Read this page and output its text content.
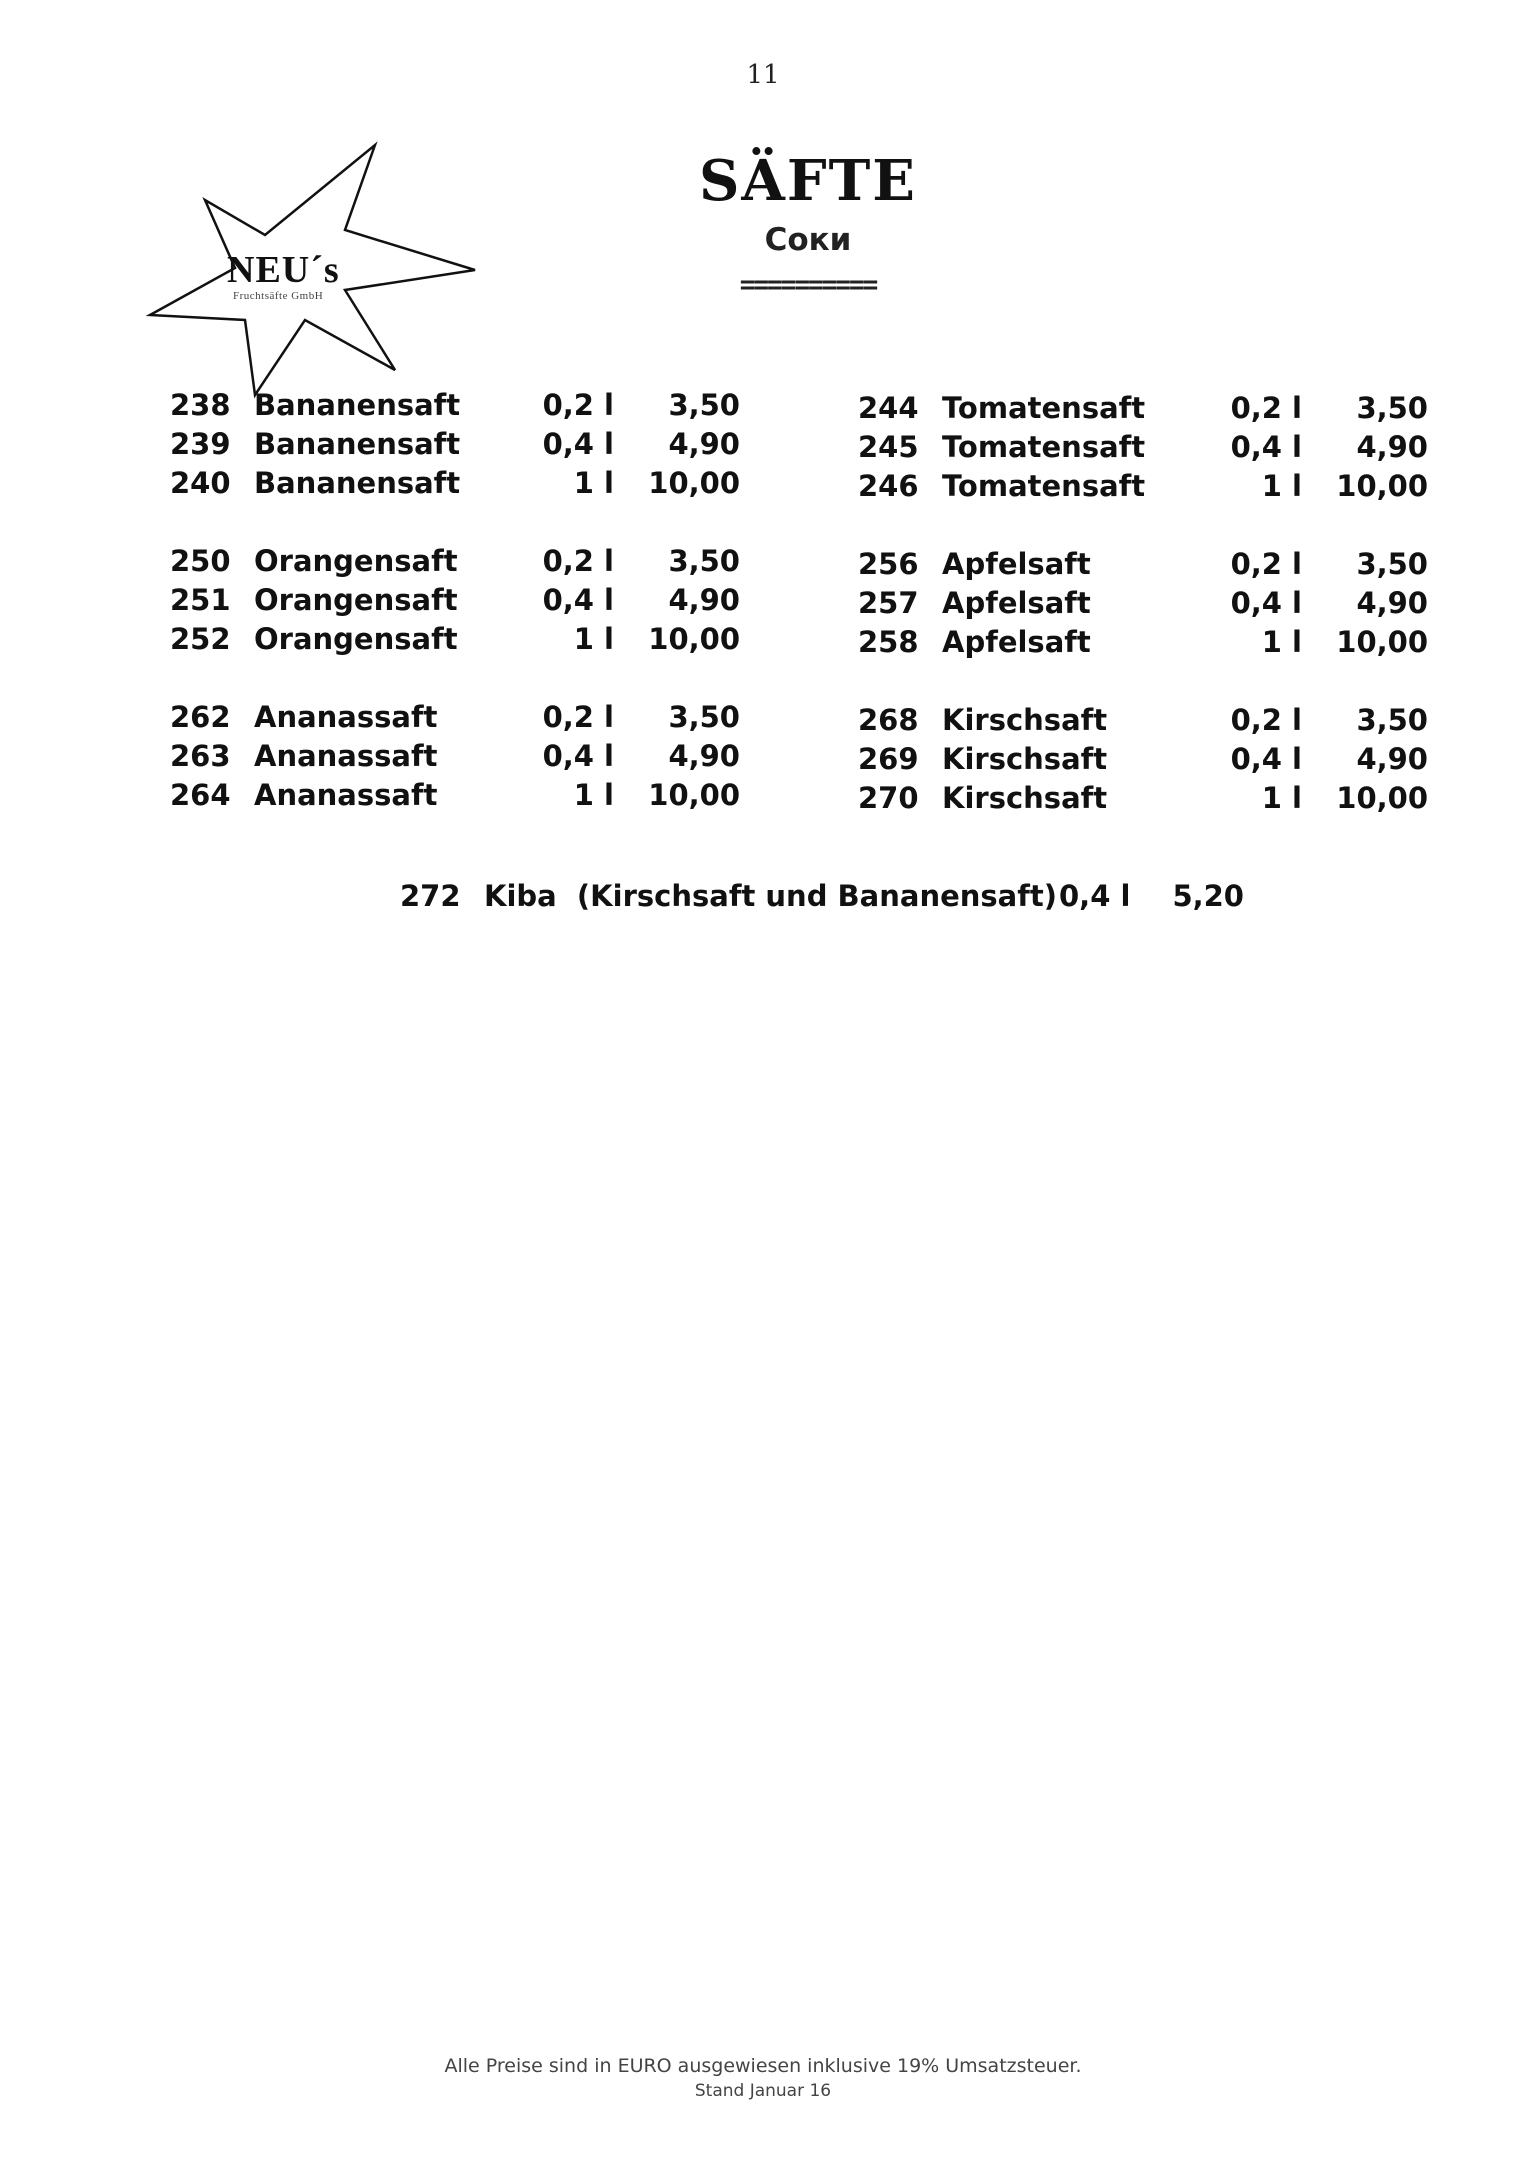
11
NEU´s
Fruchtsäfte GmbH
SÄFTE
Соки
==========
238 Bananensaft	0,2 l	3,50
239 Bananensaft	0,4 l	4,90
240 Bananensaft	1 l	10,00
250 Orangensaft	0,2 l	3,50
251 Orangensaft	0,4 l	4,90
252 Orangensaft	1 l	10,00
262 Ananassaft	0,2 l	3,50
263 Ananassaft	0,4 l	4,90
264 Ananassaft	1 l	10,00
244 Tomatensaft	0,2 l	3,50
245 Tomatensaft	0,4 l	4,90
246 Tomatensaft	1 l	10,00
256 Apfelsaft	0,2 l	3,50
257 Apfelsaft	0,4 l	4,90
258 Apfelsaft	1 l	10,00
268 Kirschsaft	0,2 l	3,50
269 Kirschsaft	0,4 l	4,90
270 Kirschsaft	1 l	10,00
272 Kiba  (Kirschsaft und Bananensaft) 0,4 l	5,20
Alle Preise sind in EURO ausgewiesen inklusive 19% Umsatzsteuer.
Stand Januar 16
